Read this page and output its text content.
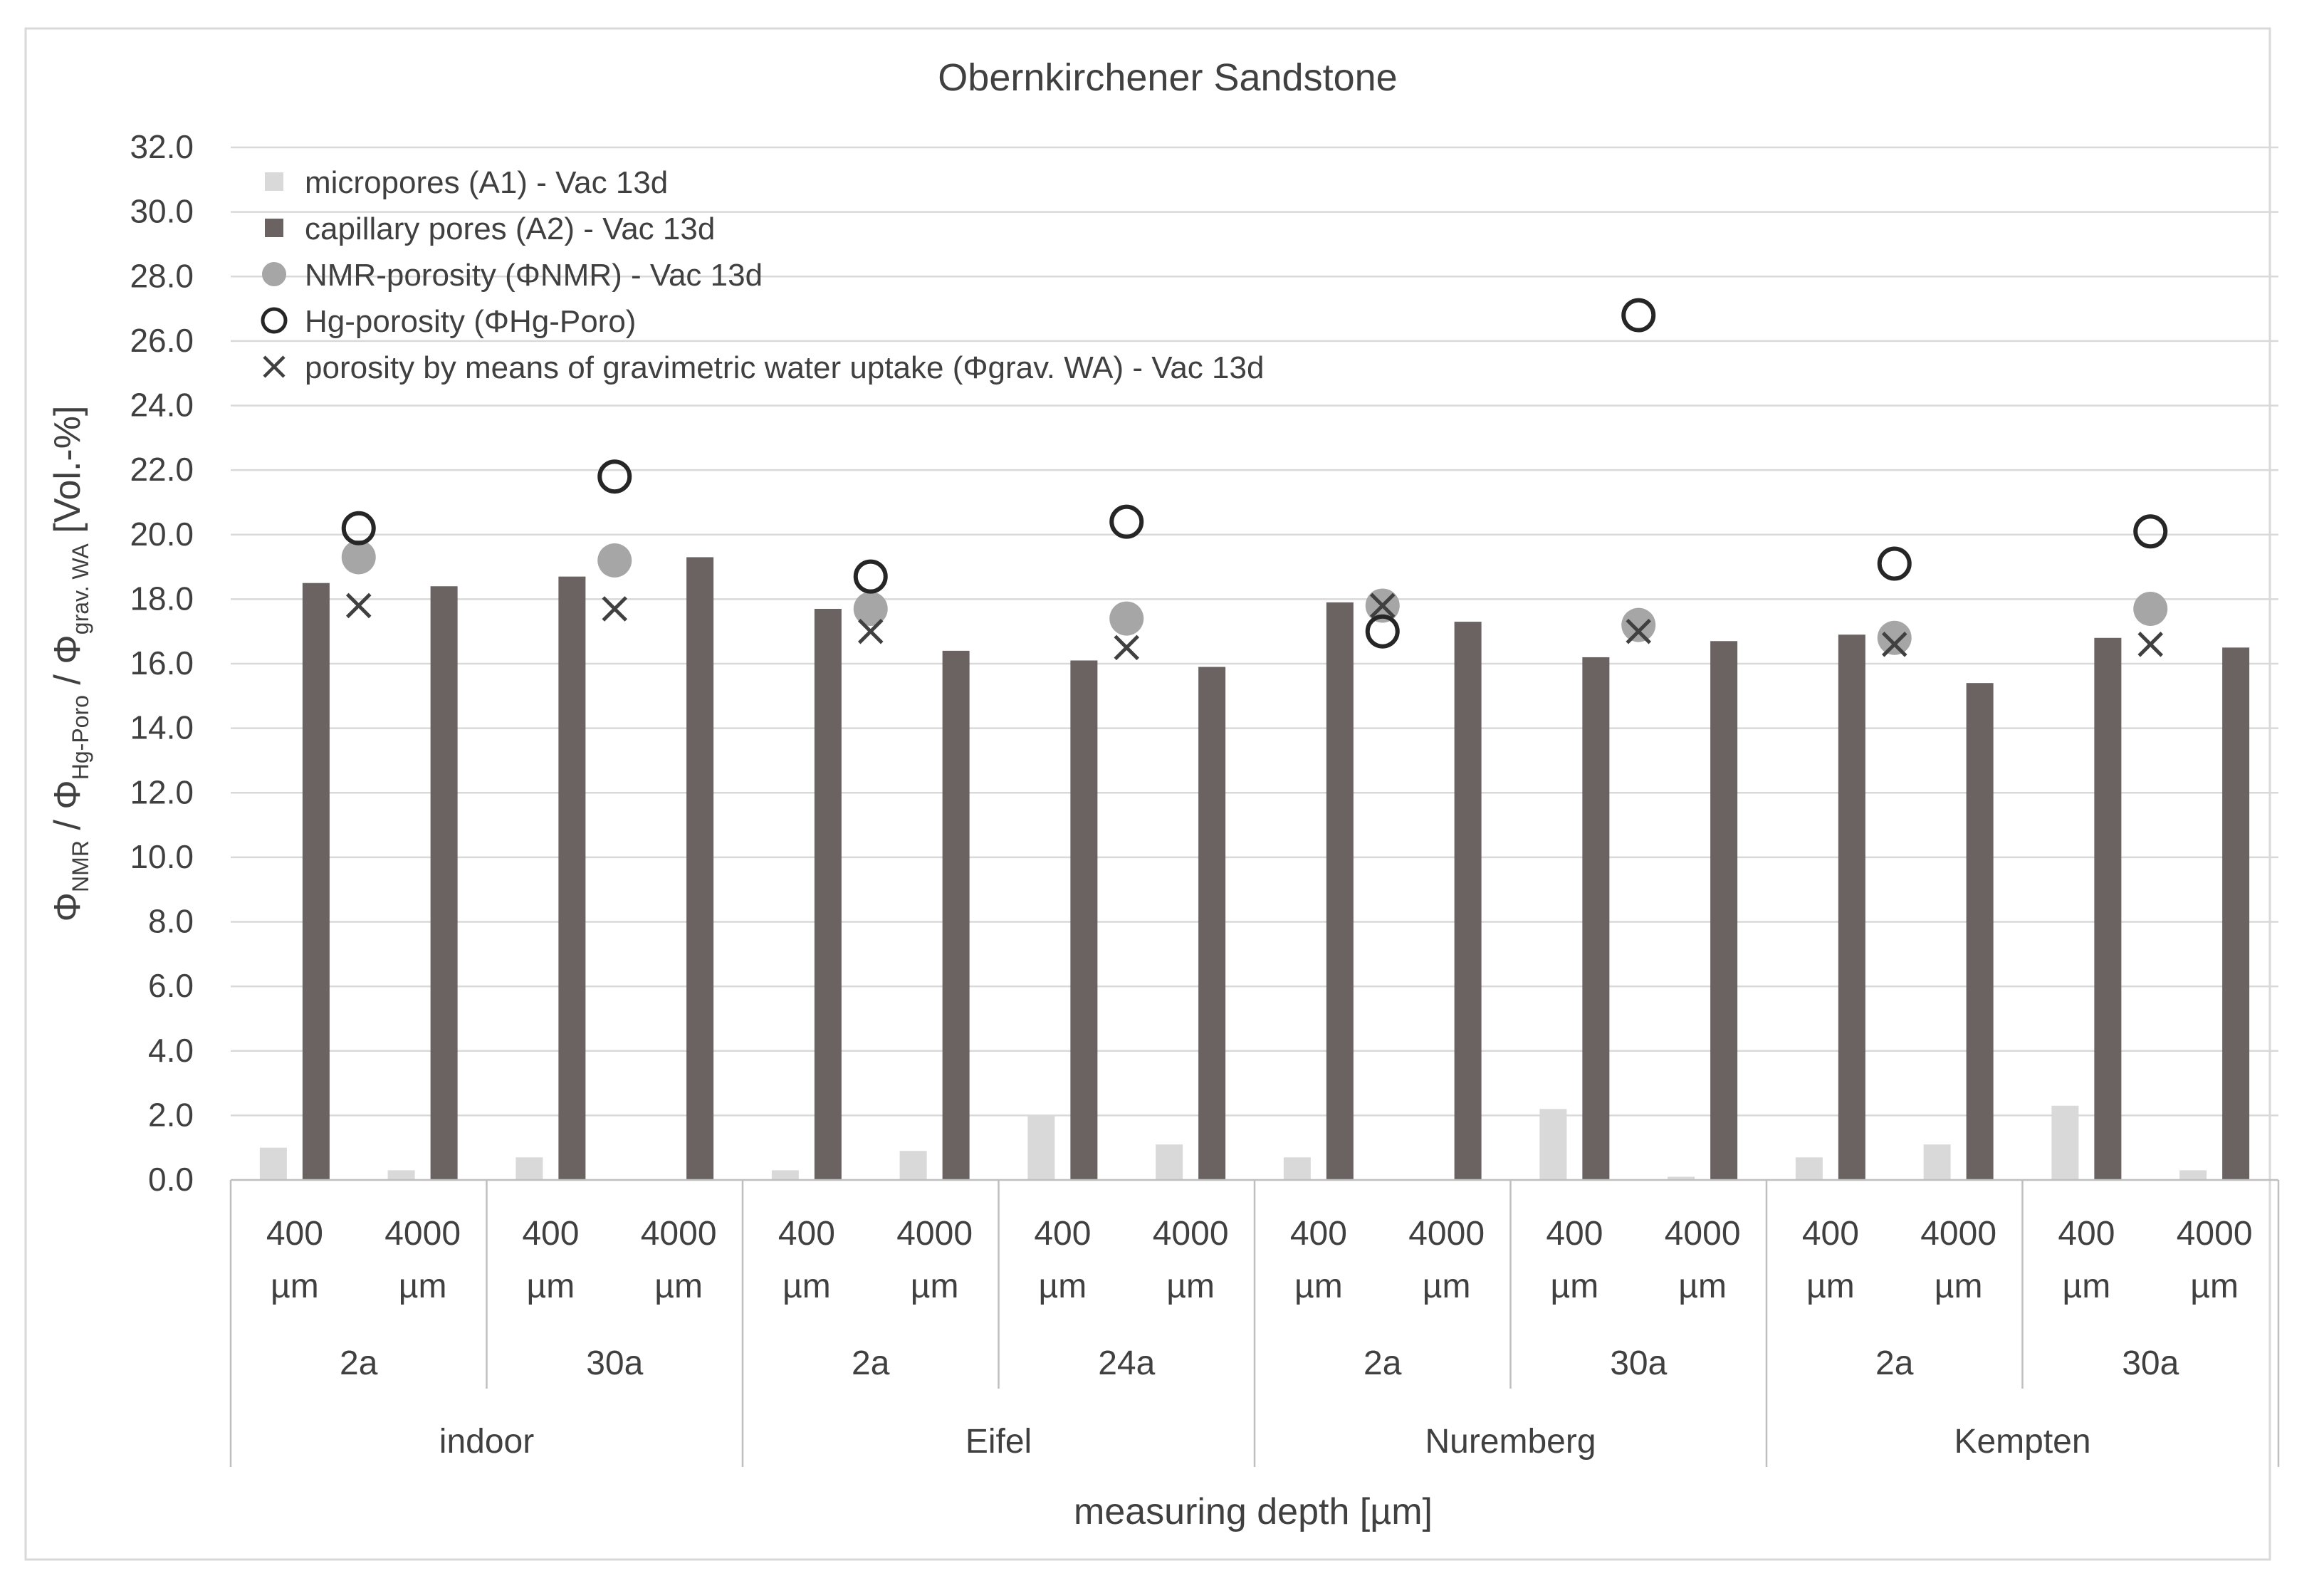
Obernkirchener Sandstone
0.0
2.0
4.0
6.0
8.0
10.0
12.0
14.0
16.0
18.0
20.0
22.0
24.0
26.0
28.0
30.0
32.0
$\Phi_{NMR} / \Phi_{Hg-Poro} / \Phi_{grav. WA}$ [Vol.-%]
indoor	Eifel	Nuremberg	Kempten
2a	30a	2a	24a	2a	30a	2a	30a
400
µm
4000
µm
400
µm
4000
µm
400
µm
4000
µm
400
µm
4000
µm
400
µm
4000
µm
400
µm
4000
µm
400
µm
4000
µm
400
µm
4000
µm
measuring depth [µm]
micropores (A1) - Vac 13d
capillary pores (A2) - Vac 13d
NMR-porosity (ΦNMR) - Vac 13d
Hg-porosity (ΦHg-Poro)
porosity by means of gravimetric water uptake (Φgrav. WA) - Vac 13d
